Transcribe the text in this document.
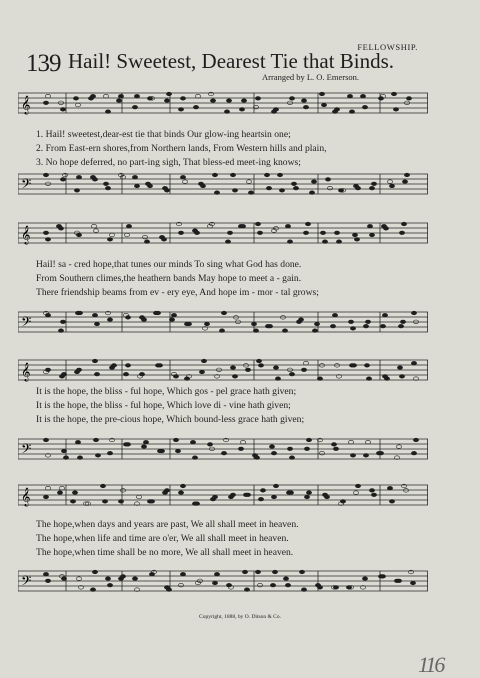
FELLOWSHIP.
139 Hail! Sweetest, Dearest Tie that Binds.
Arranged by L. O. Emerson.
𝄞
1. Hail! sweetest,dear-est tie that binds Our glow-ing heartsin one;
2. From East-ern shores,from Northern lands, From Western hills and plain,
3. No hope deferred, no part-ing sigh, That bless-ed meet-ing knows;
𝄢
𝄞
Hail! sa - cred hope,that tunes our minds To sing what God has done.
From Southern climes,the heathern bands May hope to meet a - gain.
There friendship beams from ev - ery eye, And hope im - mor - tal grows;
𝄢
𝄞
It is the hope, the bliss - ful hope, Which gos - pel grace hath given;
It is the hope, the bliss - ful hope, Which love di - vine hath given;
It is the hope, the pre-cious hope, Which bound-less grace hath given;
𝄢
𝄞
The hope,when days and years are past, We all shall meet in heaven.
The hope,when life and time are o'er, We all shall meet in heaven.
The hope,when time shall be no more, We all shall meet in heaven.
𝄢
Copyright, 1888, by O. Ditson & Co.
116
